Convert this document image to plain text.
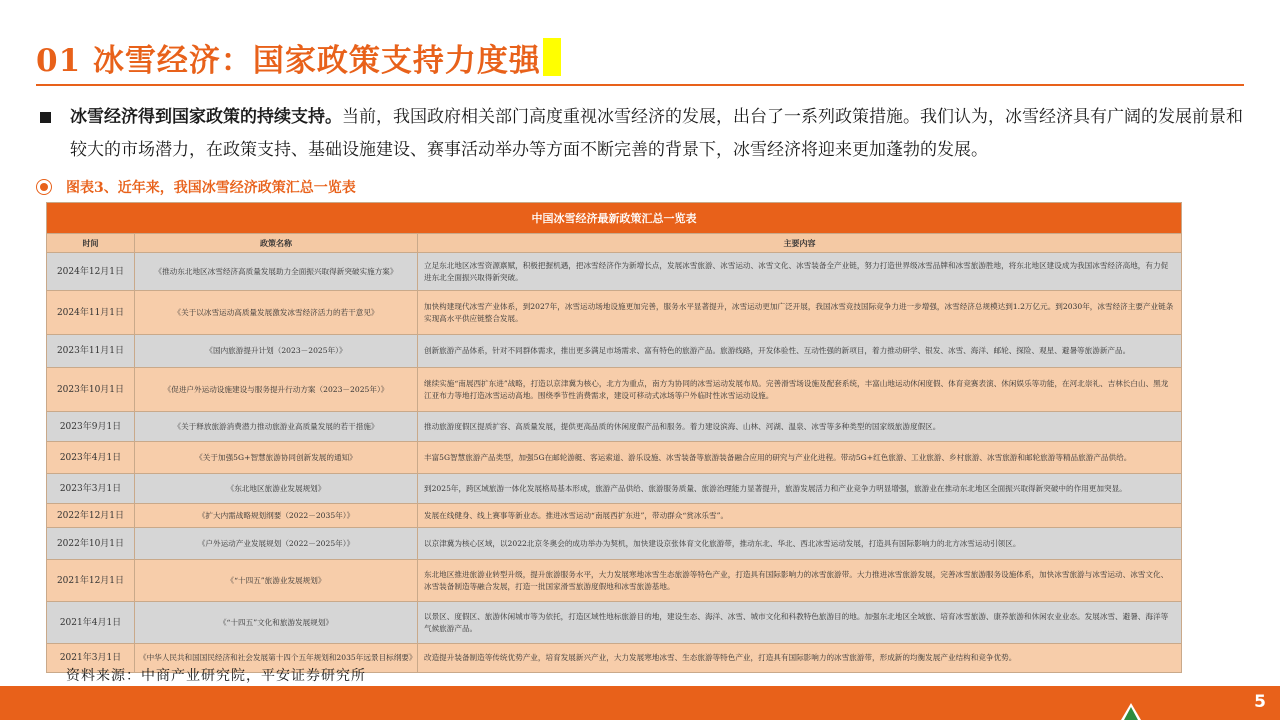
01 冰雪经济：国家政策支持力度强
冰雪经济得到国家政策的持续支持。当前，我国政府相关部门高度重视冰雪经济的发展，出台了一系列政策措施。我们认为，冰雪经济具有广阔的发展前景和较大的市场潜力，在政策支持、基础设施建设、赛事活动举办等方面不断完善的背景下，冰雪经济将迎来更加蓬勃的发展。
图表3、近年来，我国冰雪经济政策汇总一览表
中国冰雪经济最新政策汇总一览表		
时间	政策名称	主要内容
2024年12月1日	《推动东北地区冰雪经济高质量发展助力全面振兴取得新突破实施方案》	立足东北地区冰雪资源禀赋，积极把握机遇，把冰雪经济作为新增长点，发展冰雪旅游、冰雪运动、冰雪文化、冰雪装备全产业链，努力打造世界级冰雪品牌和冰雪旅游胜地，将东北地区建设成为我国冰雪经济高地，有力促进东北全面振兴取得新突破。
2024年11月1日	《关于以冰雪运动高质量发展激发冰雪经济活力的若干意见》	加快构建现代冰雪产业体系，到2027年，冰雪运动场地设施更加完善，服务水平显著提升，冰雪运动更加广泛开展，我国冰雪竞技国际竞争力进一步增强，冰雪经济总规模达到1.2万亿元。到2030年，冰雪经济主要产业链条实现高水平供应链整合发展。
2023年11月1日	《国内旅游提升计划（2023－2025年）》	创新旅游产品体系，针对不同群体需求，推出更多满足市场需求、富有特色的旅游产品。旅游线路，开发体验性、互动性强的新项目，着力推动研学、银发、冰雪、海洋、邮轮、探险、观星、避暑等旅游新产品。
2023年10月1日	《促进户外运动设施建设与服务提升行动方案（2023－2025年）》	继续实施“南展西扩东进”战略，打造以京津冀为核心，北方为重点，南方为协同的冰雪运动发展布局。完善滑雪场设施及配套系统，丰富山地运动休闲度假、体育竞赛表演、休闲娱乐等功能，在河北崇礼、吉林长白山、黑龙江亚布力等地打造冰雪运动高地。围绕季节性消费需求，建设可移动式冰场等户外临时性冰雪运动设施。
2023年9月1日	《关于释放旅游消费潜力推动旅游业高质量发展的若干措施》	推动旅游度假区提质扩容、高质量发展，提供更高品质的休闲度假产品和服务。着力建设滨海、山林、河湖、温泉、冰雪等多种类型的国家级旅游度假区。
2023年4月1日	《关于加强5G+智慧旅游协同创新发展的通知》	丰富5G智慧旅游产品类型，加强5G在邮轮游艇、客运索道、游乐设施、冰雪装备等旅游装备融合应用的研究与产业化进程。带动5G+红色旅游、工业旅游、乡村旅游、冰雪旅游和邮轮旅游等精品旅游产品供给。
2023年3月1日	《东北地区旅游业发展规划》	到2025年，跨区域旅游一体化发展格局基本形成，旅游产品供给、旅游服务质量、旅游治理能力显著提升，旅游发展活力和产业竞争力明显增强，旅游业在推动东北地区全面振兴取得新突破中的作用更加突显。
2022年12月1日	《扩大内需战略规划纲要（2022－2035年）》	发展在线健身、线上赛事等新业态。推进冰雪运动“南展西扩东进”，带动群众“赏冰乐雪”。
2022年10月1日	《户外运动产业发展规划（2022－2025年）》	以京津冀为核心区域，以2022北京冬奥会的成功举办为契机，加快建设京张体育文化旅游带，推动东北、华北、西北冰雪运动发展，打造具有国际影响力的北方冰雪运动引领区。
2021年12月1日	《“十四五”旅游业发展规划》	东北地区推进旅游业转型升级，提升旅游服务水平，大力发展寒地冰雪生态旅游等特色产业，打造具有国际影响力的冰雪旅游带。大力推进冰雪旅游发展，完善冰雪旅游服务设施体系，加快冰雪旅游与冰雪运动、冰雪文化、冰雪装备制造等融合发展，打造一批国家滑雪旅游度假地和冰雪旅游基地。
2021年4月1日	《“十四五”文化和旅游发展规划》	以景区、度假区、旅游休闲城市等为依托，打造区域性地标旅游目的地，建设生态、海洋、冰雪、城市文化和科教特色旅游目的地。加强东北地区全域旅、培育冰雪旅游、康养旅游和休闲农业业态。发展冰雪、避暑、海洋等气候旅游产品。
2021年3月1日	《中华人民共和国国民经济和社会发展第十四个五年规划和2035年远景目标纲要》	改造提升装备制造等传统优势产业，培育发展新兴产业，大力发展寒地冰雪、生态旅游等特色产业，打造具有国际影响力的冰雪旅游带，形成新的均衡发展产业结构和竞争优势。
资料来源：中商产业研究院，平安证券研究所
5
